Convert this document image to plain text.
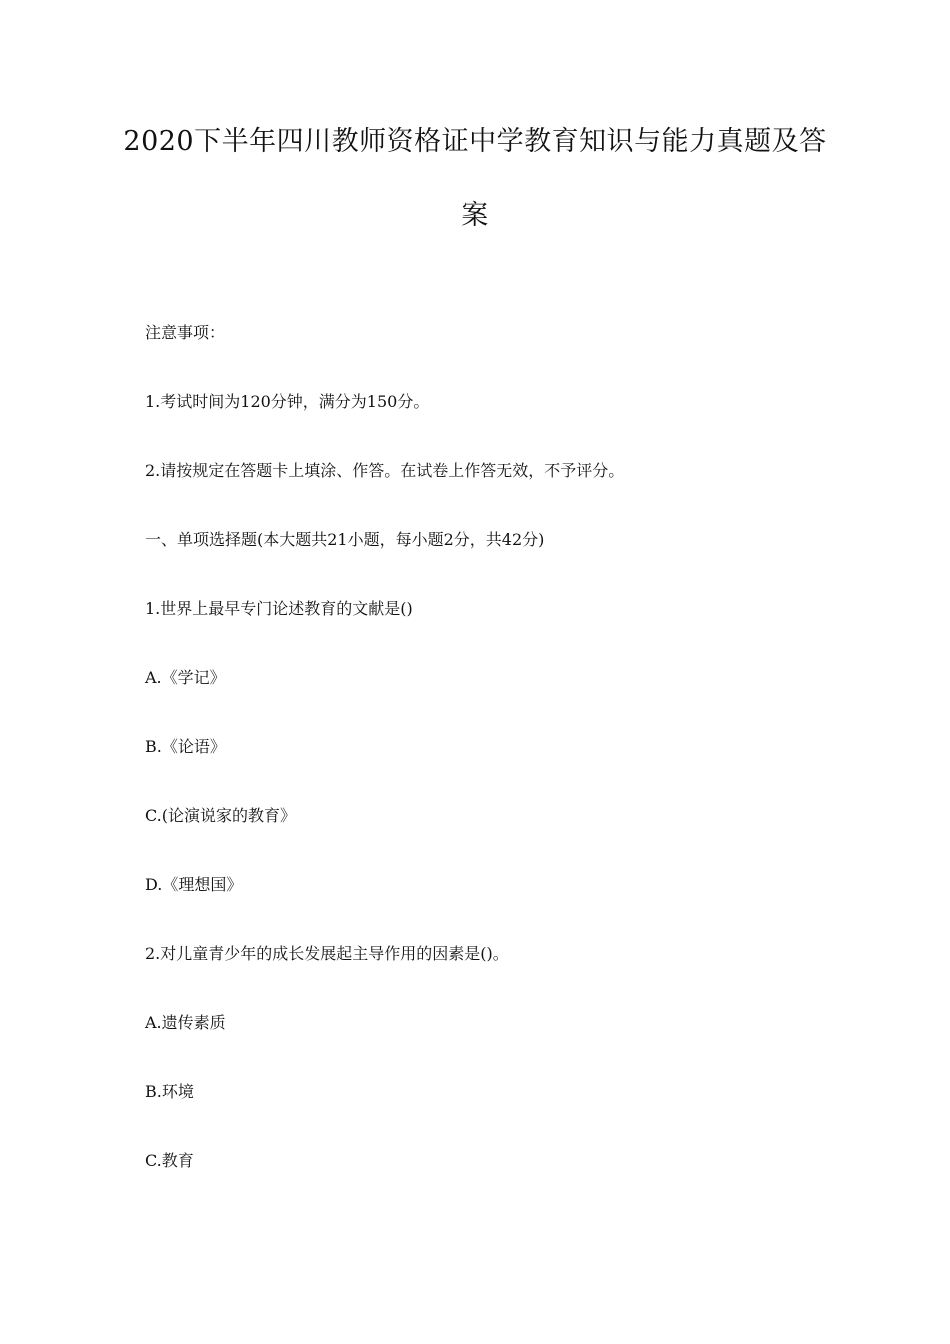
2020下半年四川教师资格证中学教育知识与能力真题及答
案
注意事项：
1.考试时间为120分钟，满分为150分。
2.请按规定在答题卡上填涂、作答。在试卷上作答无效，不予评分。
一、单项选择题(本大题共21小题，每小题2分，共42分)
1.世界上最早专门论述教育的文献是()
A.《学记》
B.《论语》
C.(论演说家的教育》
D.《理想国》
2.对儿童青少年的成长发展起主导作用的因素是()。
A.遗传素质
B.环境
C.教育
